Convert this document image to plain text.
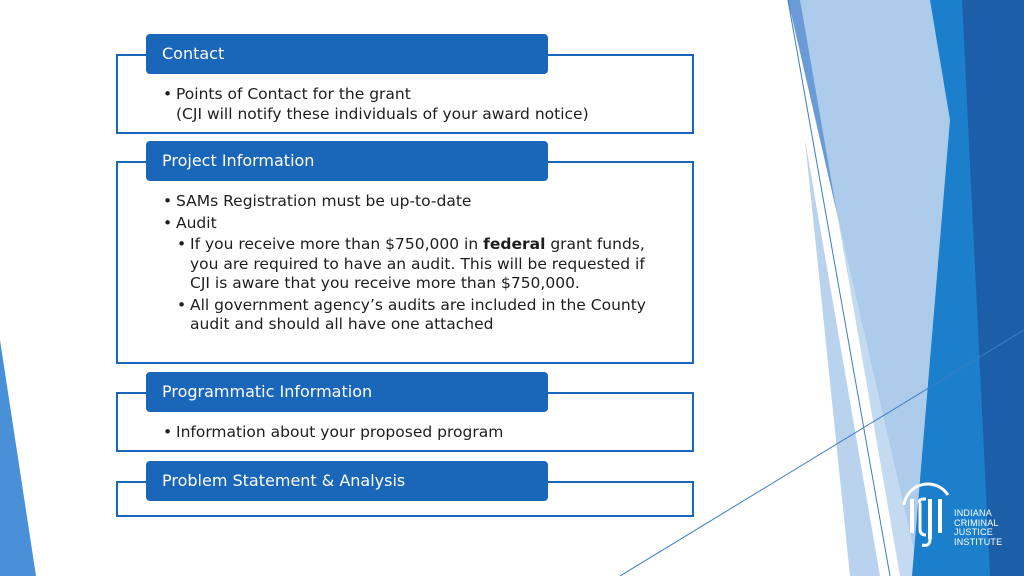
• Points of Contact for the grant
(CJI will notify these individuals of your award notice)
Contact
• SAMs Registration must be up-to-date
• Audit
• If you receive more than $750,000 in federal grant funds, you are required to have an audit. This will be requested if CJI is aware that you receive more than $750,000.
• All government agency’s audits are included in the County audit and should all have one attached
Project Information
• Information about your proposed program
Programmatic Information
Problem Statement & Analysis
INDIANA
CRIMINAL
JUSTICE
INSTITUTE
